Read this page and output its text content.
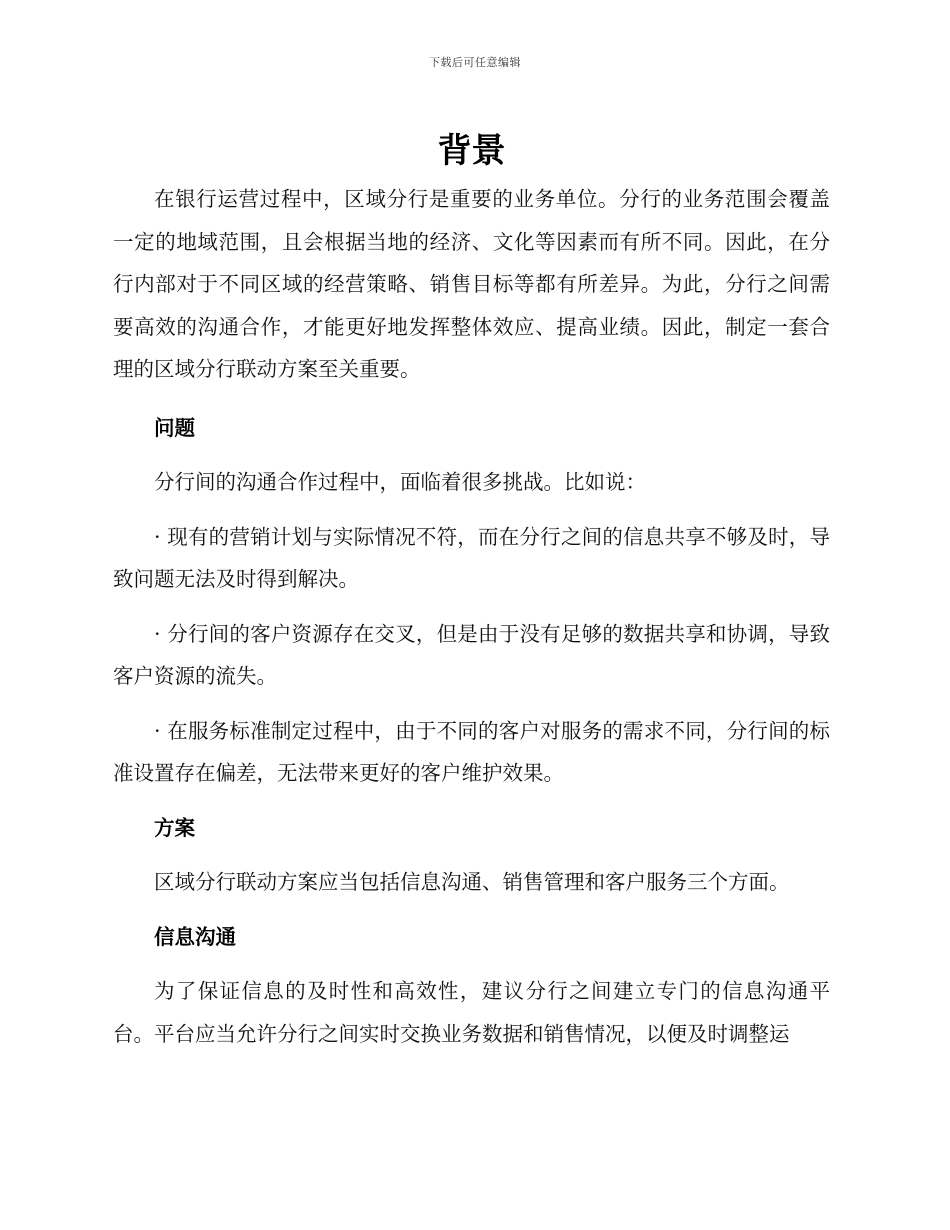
下载后可任意编辑
背景

在银行运营过程中，区域分行是重要的业务单位。分行的业务范围会覆盖一定的地域范围，且会根据当地的经济、文化等因素而有所不同。因此，在分行内部对于不同区域的经营策略、销售目标等都有所差异。为此，分行之间需要高效的沟通合作，才能更好地发挥整体效应、提高业绩。因此，制定一套合理的区域分行联动方案至关重要。

问题

分行间的沟通合作过程中，面临着很多挑战。比如说：

· 现有的营销计划与实际情况不符，而在分行之间的信息共享不够及时，导致问题无法及时得到解决。

· 分行间的客户资源存在交叉，但是由于没有足够的数据共享和协调，导致客户资源的流失。

· 在服务标准制定过程中，由于不同的客户对服务的需求不同，分行间的标准设置存在偏差，无法带来更好的客户维护效果。

方案

区域分行联动方案应当包括信息沟通、销售管理和客户服务三个方面。

信息沟通

为了保证信息的及时性和高效性，建议分行之间建立专门的信息沟通平台。平台应当允许分行之间实时交换业务数据和销售情况，以便及时调整运
